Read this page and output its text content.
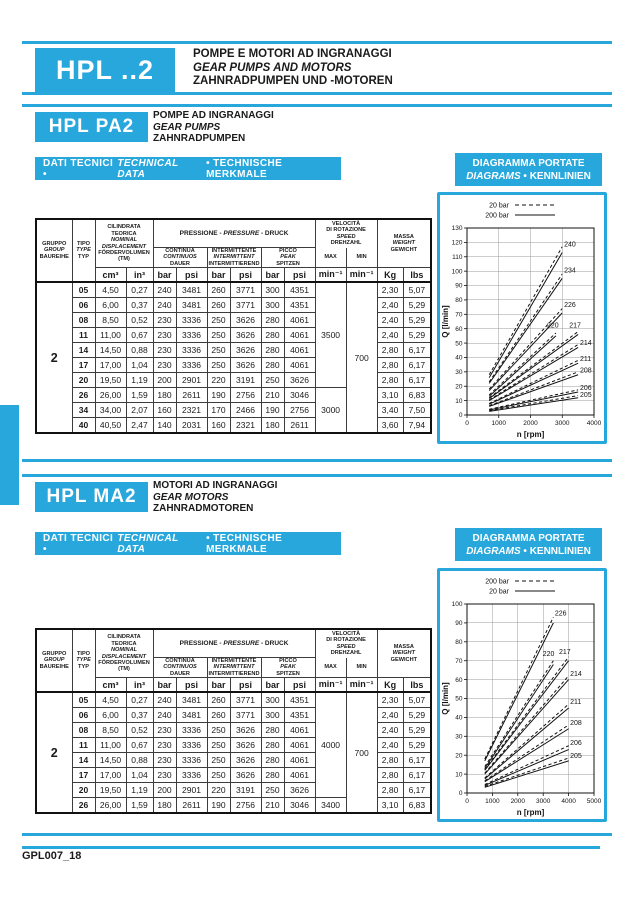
HPL ..2
POMPE E MOTORI AD INGRANAGGI
GEAR PUMPS AND MOTORS
ZAHNRADPUMPEN UND -MOTOREN
HPL PA2
POMPE AD INGRANAGGI
GEAR PUMPS
ZAHNRADPUMPEN
DATI TECNICI •
TECHNICAL DATA
• TECHNISCHE MERKMALE
DIAGRAMMA PORTATE
DIAGRAMS • KENNLINIEN
GRUPPO
GROUP
BAUREIHE

TIPO
TYPE
TYP

CILINDRATA TEORICA
NOMINAL
DISPLACEMENT
FÖRDERVOLUMEN
(TM)
	PRESSIONE - PRESSURE - DRUCK	
VELOCITÀ
DI ROTAZIONE
SPEED
DREHZAHL

MASSA
WEIGHT
GEWICHT

CONTINUA
CONTINUOS
DAUER

INTERMITTENTE
INTERMITTENT
INTERMITTIEREND

PICCO
PEAK
SPITZEN
	MAX	MIN
		cm³	in³	bar	psi	bar	psi	bar	psi	min⁻¹	min⁻¹	Kg	lbs
2	05	4,50	0,27	240	3481	260	3771	300	4351	3500	700	2,30	5,07
	06	6,00	0,37	240	3481	260	3771	300	4351			2,40	5,29
	08	8,50	0,52	230	3336	250	3626	280	4061			2,40	5,29
	11	11,00	0,67	230	3336	250	3626	280	4061			2,40	5,29
	14	14,50	0,88	230	3336	250	3626	280	4061			2,80	6,17
	17	17,00	1,04	230	3336	250	3626	280	4061			2,80	6,17
	20	19,50	1,19	200	2901	220	3191	250	3626			2,80	6,17
	26	26,00	1,59	180	2611	190	2756	210	3046	3000		3,10	6,83
	34	34,00	2,07	160	2321	170	2466	190	2756			3,40	7,50
	40	40,50	2,47	140	2031	160	2321	180	2611			3,60	7,94
20 bar
200 bar
0
10
20
30
40
50
60
70
80
90
100
110
120
130
0	1000	2000	3000	4000
240
234
226
220 217
214
211
208
206
205
n [rpm]
Q [l/min]
HPL MA2
MOTORI AD INGRANAGGI
GEAR MOTORS
ZAHNRADMOTOREN
DATI TECNICI •
TECHNICAL DATA
• TECHNISCHE MERKMALE
DIAGRAMMA PORTATE
DIAGRAMS • KENNLINIEN
GRUPPO
GROUP
BAUREIHE

TIPO
TYPE
TYP

CILINDRATA TEORICA
NOMINAL
DISPLACEMENT
FÖRDERVOLUMEN
(TM)
	PRESSIONE - PRESSURE - DRUCK	
VELOCITÀ
DI ROTAZIONE
SPEED
DREHZAHL

MASSA
WEIGHT
GEWICHT

CONTINUA
CONTINUOS
DAUER

INTERMITTENTE
INTERMITTENT
INTERMITTIEREND

PICCO
PEAK
SPITZEN
	MAX	MIN
		cm³	in³	bar	psi	bar	psi	bar	psi	min⁻¹	min⁻¹	Kg	lbs
2	05	4,50	0,27	240	3481	260	3771	300	4351	4000	700	2,30	5,07
	06	6,00	0,37	240	3481	260	3771	300	4351			2,40	5,29
	08	8,50	0,52	230	3336	250	3626	280	4061			2,40	5,29
	11	11,00	0,67	230	3336	250	3626	280	4061			2,40	5,29
	14	14,50	0,88	230	3336	250	3626	280	4061			2,80	6,17
	17	17,00	1,04	230	3336	250	3626	280	4061			2,80	6,17
	20	19,50	1,19	200	2901	220	3191	250	3626			2,80	6,17
	26	26,00	1,59	180	2611	190	2756	210	3046	3400		3,10	6,83
200 bar
20 bar
0
10
20
30
40
50
60
70
80
90
100
0	1000 2000 3000 4000 5000
226
220 217
214
211
208
206
205
n [rpm]
Q [l/min]
GPL007_18
